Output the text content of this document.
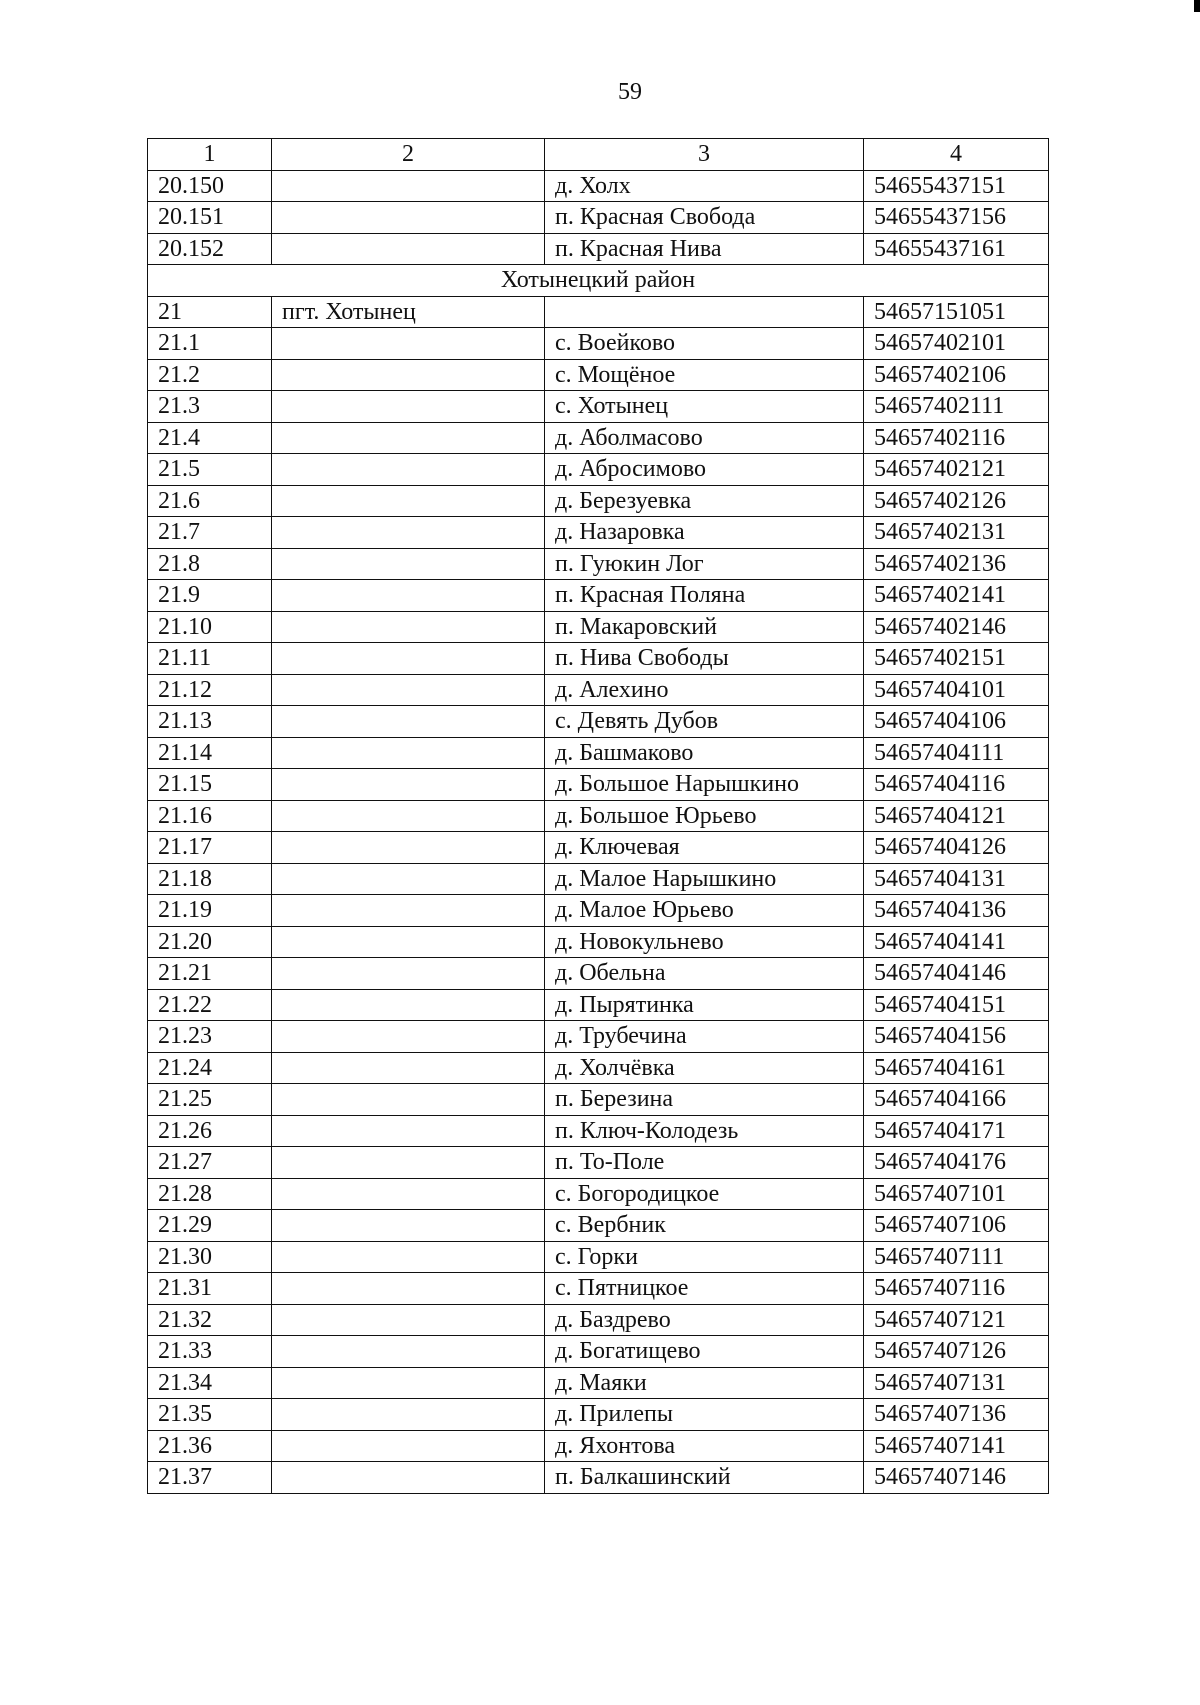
59
1	2	3	4
20.150		д. Холх	54655437151
20.151		п. Красная Свобода	54655437156
20.152		п. Красная Нива	54655437161
Хотынецкий район			
21	пгт. Хотынец		54657151051
21.1		с. Воейково	54657402101
21.2		с. Мощёное	54657402106
21.3		с. Хотынец	54657402111
21.4		д. Аболмасово	54657402116
21.5		д. Абросимово	54657402121
21.6		д. Березуевка	54657402126
21.7		д. Назаровка	54657402131
21.8		п. Гуюкин Лог	54657402136
21.9		п. Красная Поляна	54657402141
21.10		п. Макаровский	54657402146
21.11		п. Нива Свободы	54657402151
21.12		д. Алехино	54657404101
21.13		с. Девять Дубов	54657404106
21.14		д. Башмаково	54657404111
21.15		д. Большое Нарышкино	54657404116
21.16		д. Большое Юрьево	54657404121
21.17		д. Ключевая	54657404126
21.18		д. Малое Нарышкино	54657404131
21.19		д. Малое Юрьево	54657404136
21.20		д. Новокульнево	54657404141
21.21		д. Обельна	54657404146
21.22		д. Пырятинка	54657404151
21.23		д. Трубечина	54657404156
21.24		д. Холчёвка	54657404161
21.25		п. Березина	54657404166
21.26		п. Ключ-Колодезь	54657404171
21.27		п. То-Поле	54657404176
21.28		с. Богородицкое	54657407101
21.29		с. Вербник	54657407106
21.30		с. Горки	54657407111
21.31		с. Пятницкое	54657407116
21.32		д. Баздрево	54657407121
21.33		д. Богатищево	54657407126
21.34		д. Маяки	54657407131
21.35		д. Прилепы	54657407136
21.36		д. Яхонтова	54657407141
21.37		п. Балкашинский	54657407146
